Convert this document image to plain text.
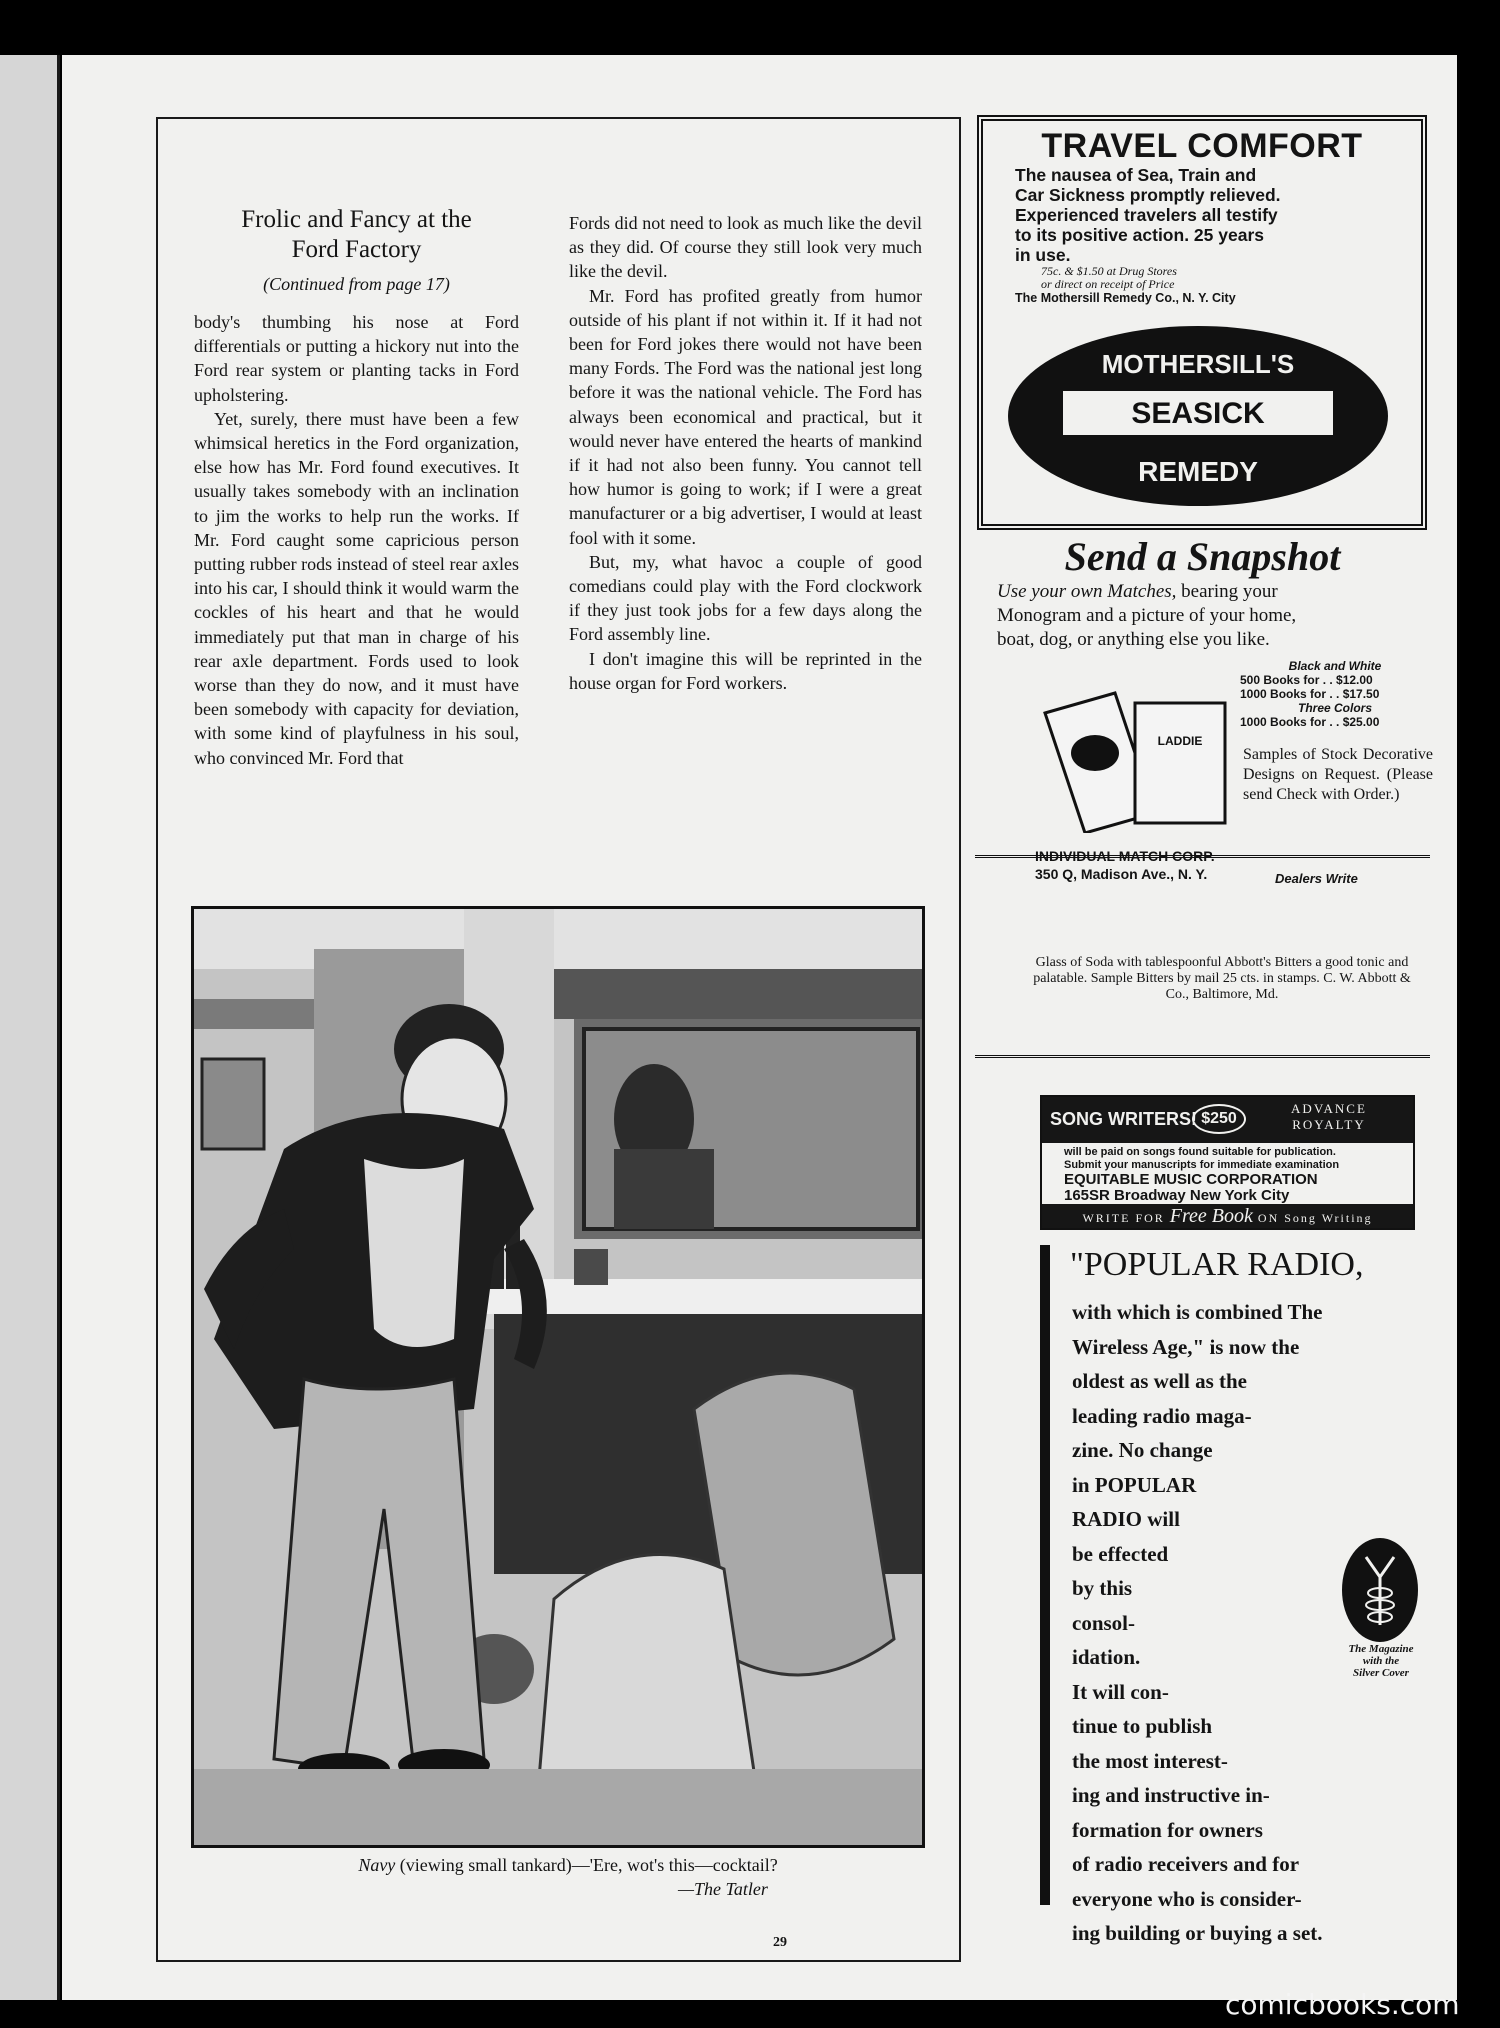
Frolic and Fancy at the
Ford Factory
(Continued from page 17)

body's thumbing his nose at Ford differentials or putting a hickory nut into the Ford rear system or planting tacks in Ford upholstering.

Yet, surely, there must have been a few whimsical heretics in the Ford organization, else how has Mr. Ford found executives. It usually takes somebody with an inclination to jim the works to help run the works. If Mr. Ford caught some capricious person putting rubber rods instead of steel rear axles into his car, I should think it would warm the cockles of his heart and that he would immediately put that man in charge of his rear axle department. Fords used to look worse than they do now, and it must have been somebody with capacity for deviation, with some kind of playfulness in his soul, who convinced Mr. Ford that

Fords did not need to look as much like the devil as they did. Of course they still look very much like the devil.

Mr. Ford has profited greatly from humor outside of his plant if not within it. If it had not been for Ford jokes there would not have been many Fords. The Ford was the national jest long before it was the national vehicle. The Ford has always been economical and practical, but it would never have entered the hearts of mankind if it had not also been funny. You cannot tell how humor is going to work; if I were a great manufacturer or a big advertiser, I would at least fool with it some.

But, my, what havoc a couple of good comedians could play with the Ford clockwork if they just took jobs for a few days along the Ford assembly line.

I don't imagine this will be reprinted in the house organ for Ford workers.

Navy (viewing small tankard)—'Ere, wot's this—cocktail?
—The Tatler
29
TRAVEL COMFORT
The nausea of Sea, Train and
Car Sickness promptly relieved.
Experienced travelers all testify
to its positive action. 25 years
in use.
75c. & $1.50 at Drug Stores
or direct on receipt of Price
The Mothersill Remedy Co., N. Y. City
SEASICK
MOTHERSILL'S
REMEDY
Send a Snapshot
Use your own Matches, bearing your
Monogram and a picture of your home,
boat, dog, or anything else you like.
LADDIE
Black and White
500 Books for . . $12.00
1000 Books for . . $17.50
Three Colors
1000 Books for . . $25.00
Samples of Stock Decorative Designs on Request. (Please send Check with Order.)
INDIVIDUAL MATCH CORP.
350 Q, Madison Ave., N. Y.	Dealers Write
Glass of Soda with tablespoonful Abbott's Bitters a good tonic and palatable. Sample Bitters by mail 25 cts. in stamps. C. W. Abbott & Co., Baltimore, Md.
SONG WRITERS! $250
ADVANCE
ROYALTY
will be paid on songs found suitable for publication.
Submit your manuscripts for immediate examination
EQUITABLE MUSIC CORPORATION
165SR Broadway New York City
WRITE FOR Free Book ON Song Writing
"POPULAR RADIO,
with which is combined The
Wireless Age," is now the
oldest as well as the
leading radio maga-
zine. No change
in POPULAR
RADIO will
be effected
by this
consol-
idation.
It will con-
tinue to publish
the most interest-
ing and instructive in-
formation for owners
of radio receivers and for
everyone who is consider-
ing building or buying a set.
The Magazine
with the
Silver Cover
comicbooks.com
